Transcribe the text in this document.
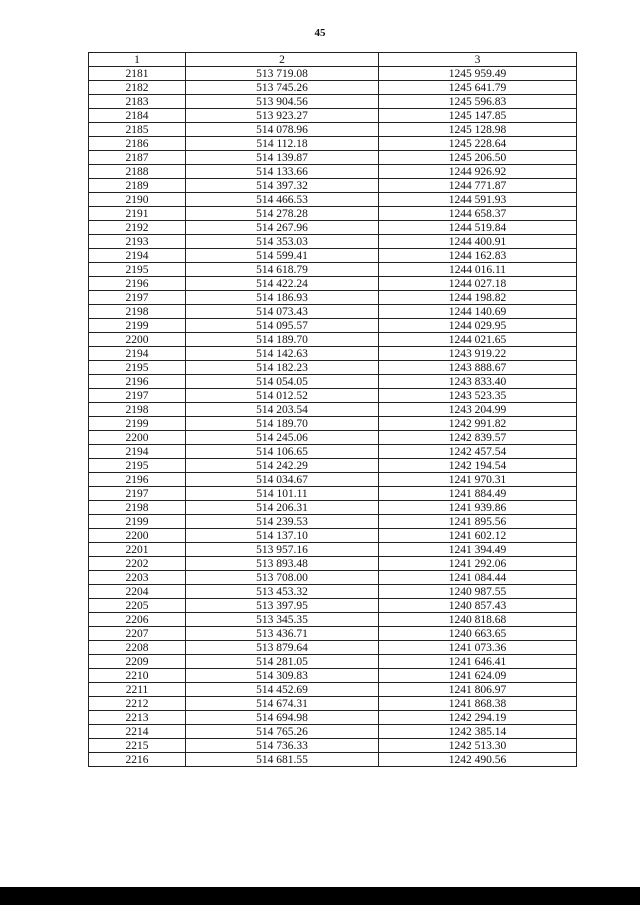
45
1	2	3
2181	513 719.08	1245 959.49
2182	513 745.26	1245 641.79
2183	513 904.56	1245 596.83
2184	513 923.27	1245 147.85
2185	514 078.96	1245 128.98
2186	514 112.18	1245 228.64
2187	514 139.87	1245 206.50
2188	514 133.66	1244 926.92
2189	514 397.32	1244 771.87
2190	514 466.53	1244 591.93
2191	514 278.28	1244 658.37
2192	514 267.96	1244 519.84
2193	514 353.03	1244 400.91
2194	514 599.41	1244 162.83
2195	514 618.79	1244 016.11
2196	514 422.24	1244 027.18
2197	514 186.93	1244 198.82
2198	514 073.43	1244 140.69
2199	514 095.57	1244 029.95
2200	514 189.70	1244 021.65
2194	514 142.63	1243 919.22
2195	514 182.23	1243 888.67
2196	514 054.05	1243 833.40
2197	514 012.52	1243 523.35
2198	514 203.54	1243 204.99
2199	514 189.70	1242 991.82
2200	514 245.06	1242 839.57
2194	514 106.65	1242 457.54
2195	514 242.29	1242 194.54
2196	514 034.67	1241 970.31
2197	514 101.11	1241 884.49
2198	514 206.31	1241 939.86
2199	514 239.53	1241 895.56
2200	514 137.10	1241 602.12
2201	513 957.16	1241 394.49
2202	513 893.48	1241 292.06
2203	513 708.00	1241 084.44
2204	513 453.32	1240 987.55
2205	513 397.95	1240 857.43
2206	513 345.35	1240 818.68
2207	513 436.71	1240 663.65
2208	513 879.64	1241 073.36
2209	514 281.05	1241 646.41
2210	514 309.83	1241 624.09
2211	514 452.69	1241 806.97
2212	514 674.31	1241 868.38
2213	514 694.98	1242 294.19
2214	514 765.26	1242 385.14
2215	514 736.33	1242 513.30
2216	514 681.55	1242 490.56
